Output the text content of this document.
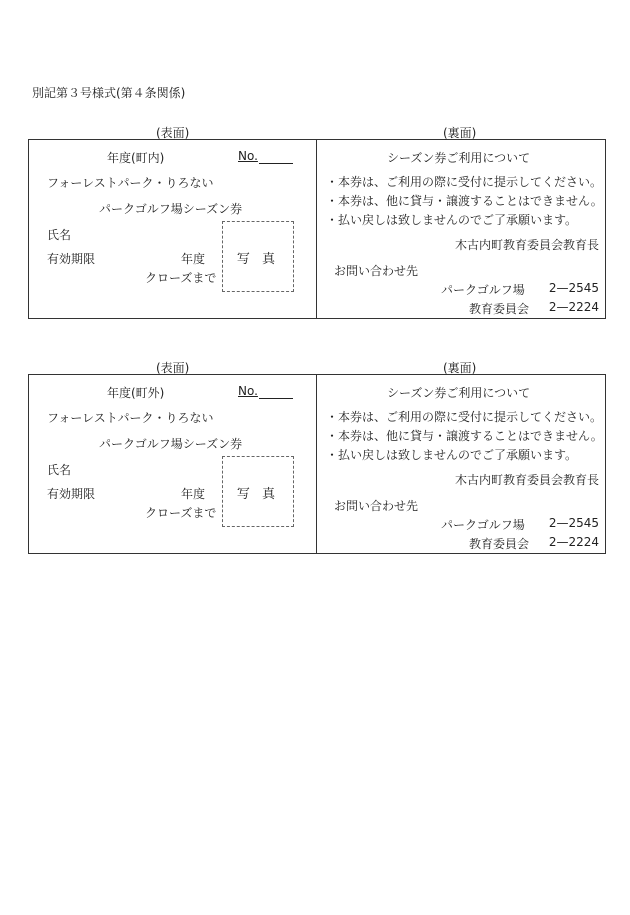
別記第３号様式(第４条関係)
(表面)	(裏面)
年度(町内)	No.
フォーレストパーク・りろない
パークゴルフ場シーズン券
氏名
有効期限	年度
クローズまで
写 真
シーズン券ご利用について
・本券は、ご利用の際に受付に提示してください。
・本券は、他に貸与・譲渡することはできません。
・払い戻しは致しませんのでご了承願います。
木古内町教育委員会教育長
お問い合わせ先
パークゴルフ場 2—2545
教育委員会 2—2224
(表面)	(裏面)
年度(町外)	No.
フォーレストパーク・りろない
パークゴルフ場シーズン券
氏名
有効期限	年度
クローズまで
写 真
シーズン券ご利用について
・本券は、ご利用の際に受付に提示してください。
・本券は、他に貸与・譲渡することはできません。
・払い戻しは致しませんのでご了承願います。
木古内町教育委員会教育長
お問い合わせ先
パークゴルフ場 2—2545
教育委員会 2—2224
